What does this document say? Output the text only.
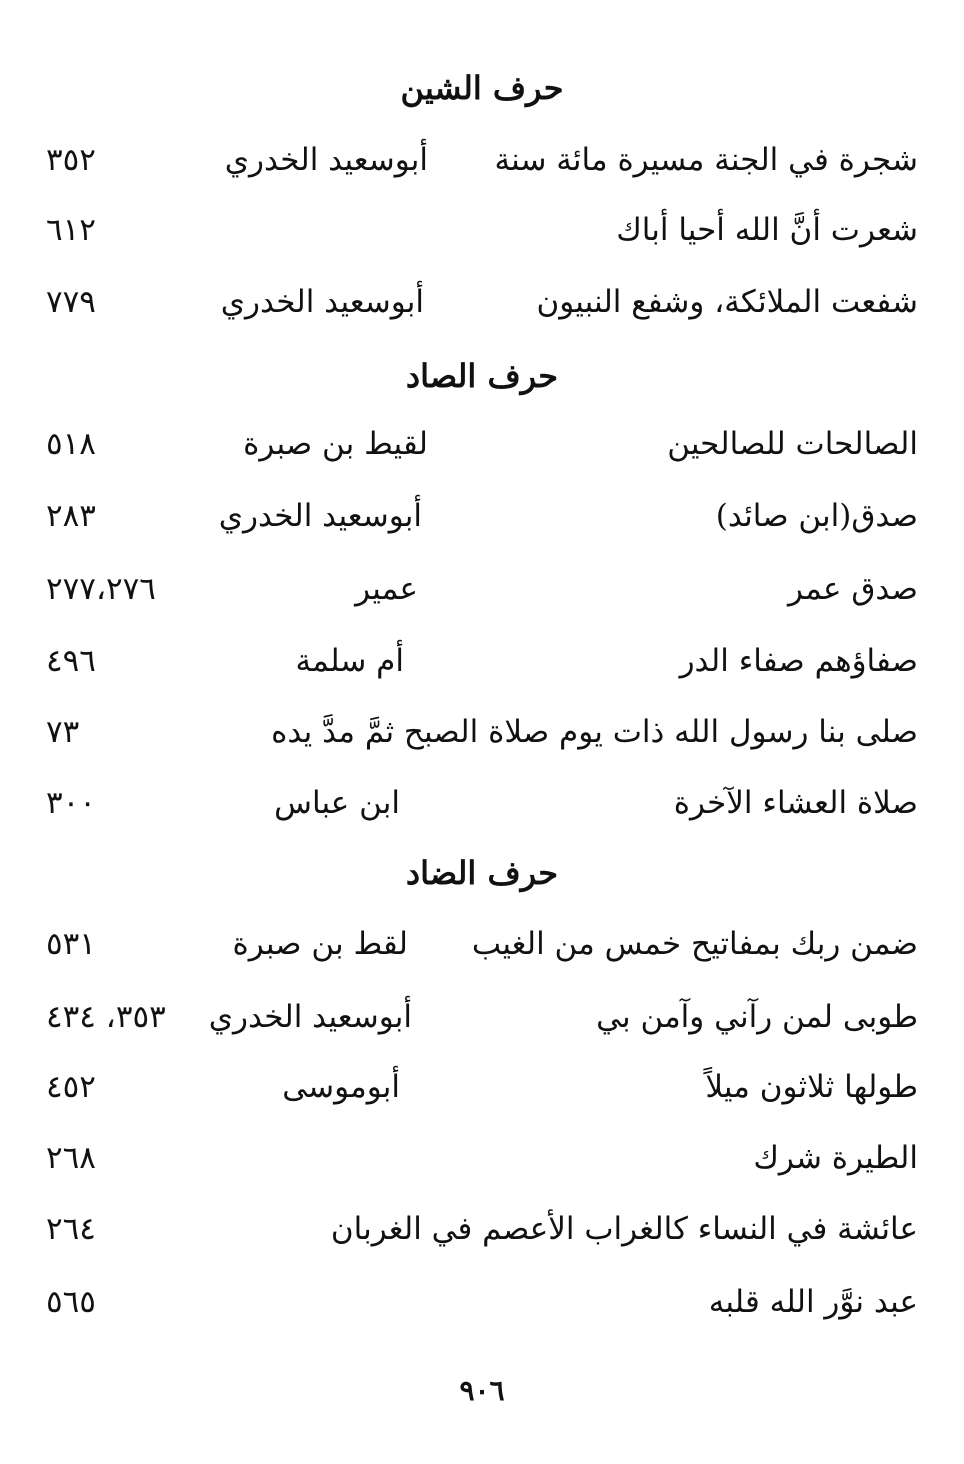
حرف الشين
شجرة في الجنة مسيرة مائة سنة
أبوسعيد الخدري
٣٥٢
شعرت أنَّ الله أحيا أباك
٦١٢
شفعت الملائكة، وشفع النبيون
أبوسعيد الخدري
٧٧٩
حرف الصاد
الصالحات للصالحين
لقيط بن صبرة
٥١٨
صدق(ابن صائد)
أبوسعيد الخدري
٢٨٣
صدق عمر
عمير
٢٧٧،٢٧٦
صفاؤهم صفاء الدر
أم سلمة
٤٩٦
صلى بنا رسول الله ذات يوم صلاة الصبح ثمَّ مدَّ يده
٧٣
صلاة العشاء الآخرة
ابن عباس
٣٠٠
حرف الضاد
ضمن ربك بمفاتيح خمس من الغيب
لقط بن صبرة
٥٣١
طوبى لمن رآني وآمن بي
أبوسعيد الخدري
٣٥٣، ٤٣٤
طولها ثلاثون ميلاً
أبوموسى
٤٥٢
الطيرة شرك
٢٦٨
عائشة في النساء كالغراب الأعصم في الغربان
٢٦٤
عبد نوَّر الله قلبه
٥٦٥
٩٠٦
